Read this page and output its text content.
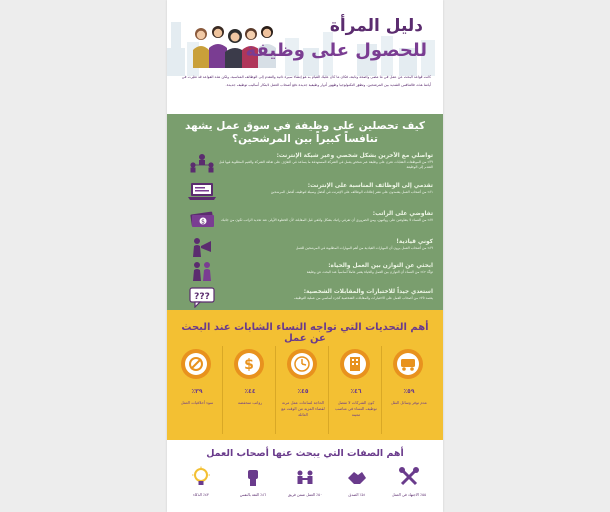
دليل المرأة
للحصول على وظيفة

كانت قواعد البحث عن عمل في ما مضى واضحة وثابتة، فكان ما كان عليك القيام به هو إنشاء سيرة ذاتية والتقدم إلى الوظائف المناسبة. ولكن هذه القواعد قد تغيّرت في أيامنا هذه، فالتنافس الشديد بين المرشحين، وتطوّر التكنولوجيا وظهور أدوار وظيفية جديدة دفع أصحاب العمل لابتكار أساليب توظيف جديدة.

كيف تحصلين على وظيفة في سوق عمل يشهد تنافساً كبيراً بين المرشحين؟
تواصلي مع الآخرين بشكل شخصي وعبر شبكة الإنترنت:
٣٩٪ من الموظفات الشابات عثرن على وظيفة عبر شخص يعمل في الشركة المستهدفة ما يساعد في التعرّف على ثقافة الشركة والقيم المطلوبة فيها قبل التقدم إلى الوظيفة
تقدمي إلى الوظائف المناسبة على الإنترنت:
٤١٪ من أصحاب العمل يعتمدون على نشر إعلانات الوظائف على الإنترنت في أفضل وسيلة لتوظيف أفضل المرشحين
تفاوضي على الراتب:
٤٧٪ من النساء لا يتفاوضن على رواتبهن، ومن الضروري أن تعرفي راتبك بشكل واقعي قبل المقابلة، لأن الخطوة الأولى عند تحديد الراتب تكون من جانبك
$
كوني قيادية!
٤٩٪ من أصحاب العمل يرون أن المهارات القيادية من أهم المهارات المطلوبة في المرشحين للعمل
ابحثي عن التوازن بين العمل والحياة:
تؤكّد ٤٢٪ من النساء أن التوازن بين العمل والحياة يعتبر عاملاً أساسياً عند البحث عن وظيفة
استعدي جيداً للاختبارات والمقابلات الشخصية:
يعتمد ٧٥٪ من أصحاب العمل على الاختبارات والمقابلات الشخصية كجزء أساسي من عملية التوظيف
???
أهم التحديات التي تواجه النساء الشابات عند البحث عن عمل
٥٩٪
عدم توفر وسائل النقل
٤٦٪
كون الشركات لا تفضل توظيف النساء في مناصب معينة
٤٥٪
الحاجة لساعات عمل مرنة لقضاء المزيد من الوقت مع العائلة
$
٤٤٪
رواتب منخفضة
٣٩٪
سوء أخلاقيات العمل
أهم الصفات التي يبحث عنها أصحاب العمل
٥٥٪ الاجتهاد في العمل
٥١٪ الصدق
٥٠٪ العمل ضمن فريق
٤٦٪ الثقة بالنفس
٤٣٪ الذكاء
